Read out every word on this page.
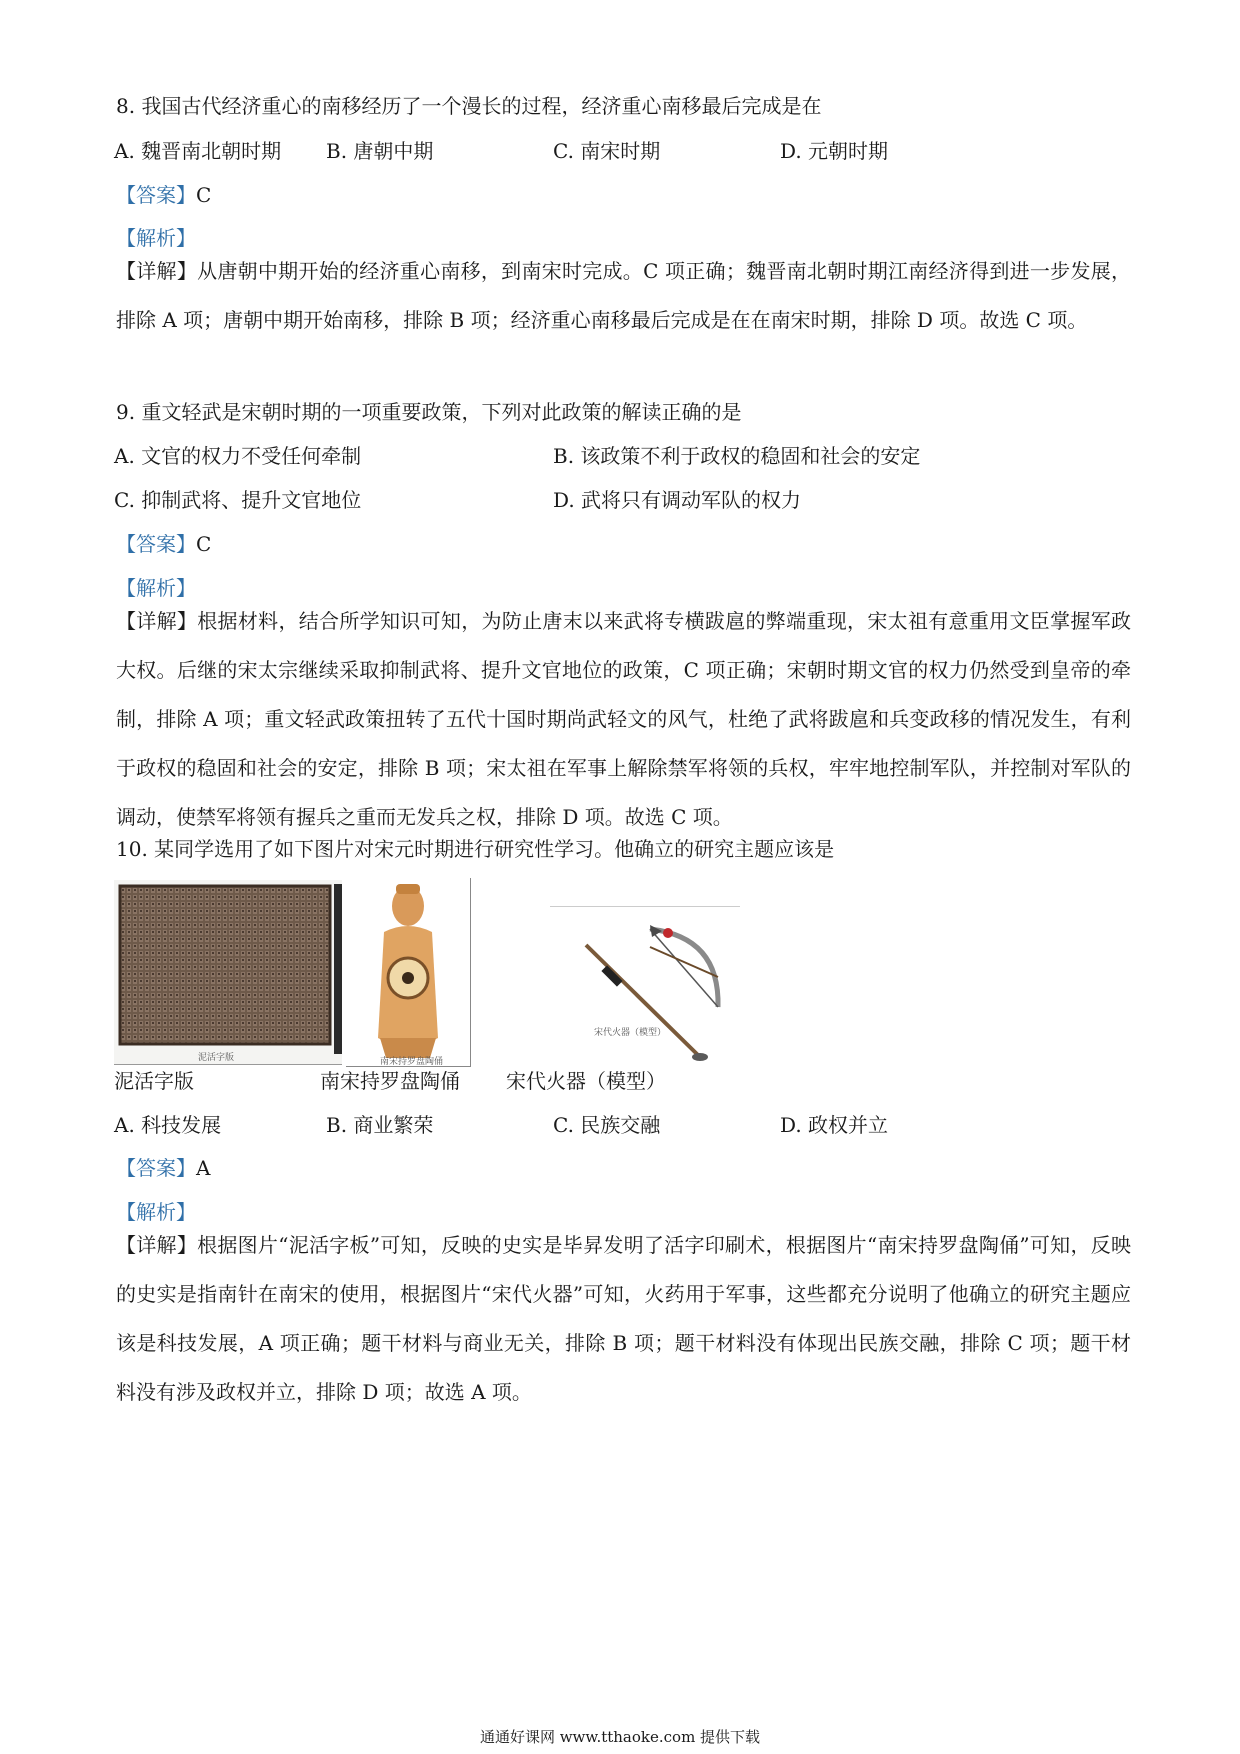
8. 我国古代经济重心的南移经历了一个漫长的过程，经济重心南移最后完成是在
A. 魏晋南北朝时期 B. 唐朝中期	C. 南宋时期	D. 元朝时期
【答案】C
【解析】
【详解】从唐朝中期开始的经济重心南移，到南宋时完成。C 项正确；魏晋南北朝时期江南经济得到进一步发展，排除 A 项；唐朝中期开始南移，排除 B 项；经济重心南移最后完成是在在南宋时期，排除 D 项。故选 C 项。
9. 重文轻武是宋朝时期的一项重要政策，下列对此政策的解读正确的是
A. 文官的权力不受任何牵制	B. 该政策不利于政权的稳固和社会的安定
C. 抑制武将、提升文官地位	D. 武将只有调动军队的权力
【答案】C
【解析】
【详解】根据材料，结合所学知识可知，为防止唐末以来武将专横跋扈的弊端重现，宋太祖有意重用文臣掌握军政大权。后继的宋太宗继续采取抑制武将、提升文官地位的政策，C 项正确；宋朝时期文官的权力仍然受到皇帝的牵制，排除 A 项；重文轻武政策扭转了五代十国时期尚武轻文的风气，杜绝了武将跋扈和兵变政移的情况发生，有利于政权的稳固和社会的安定，排除 B 项；宋太祖在军事上解除禁军将领的兵权，牢牢地控制军队，并控制对军队的调动，使禁军将领有握兵之重而无发兵之权，排除 D 项。故选 C 项。
10. 某同学选用了如下图片对宋元时期进行研究性学习。他确立的研究主题应该是
泥活字版	南宋持罗盘陶俑
宋代火器（模型）
泥活字版	南宋持罗盘陶俑 宋代火器（模型）
A. 科技发展	B. 商业繁荣	C. 民族交融	D. 政权并立
【答案】A
【解析】
【详解】根据图片“泥活字板”可知，反映的史实是毕昇发明了活字印刷术，根据图片“南宋持罗盘陶俑”可知，反映的史实是指南针在南宋的使用，根据图片“宋代火器”可知，火药用于军事，这些都充分说明了他确立的研究主题应该是科技发展，A 项正确；题干材料与商业无关，排除 B 项；题干材料没有体现出民族交融，排除 C 项；题干材料没有涉及政权并立，排除 D 项；故选 A 项。
通通好课网 www.tthaoke.com 提供下载
